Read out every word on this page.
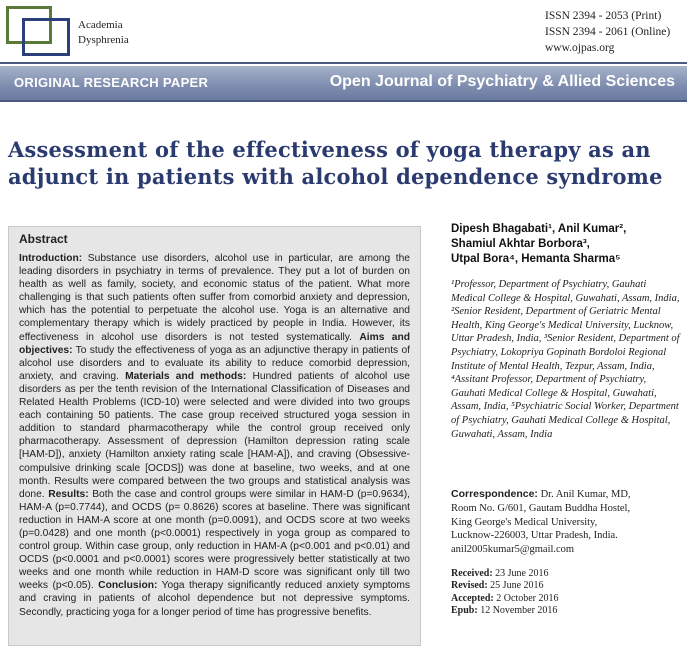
Academia
Dysphrenia
ISSN 2394 - 2053 (Print)
ISSN 2394 - 2061 (Online)
www.ojpas.org
ORIGINAL RESEARCH PAPER	Open Journal of Psychiatry & Allied Sciences
Assessment of the effectiveness of yoga therapy as an adjunct in patients with alcohol dependence syndrome
Abstract

Introduction: Substance use disorders, alcohol use in particular, are among the leading disorders in psychiatry in terms of prevalence. They put a lot of burden on health as well as family, society, and economic status of the patient. What more challenging is that such patients often suffer from comorbid anxiety and depression, which has the potential to perpetuate the alcohol use. Yoga is an alternative and complementary therapy which is widely practiced by people in India. However, its effectiveness in alcohol use disorders is not tested systematically. Aims and objectives: To study the effectiveness of yoga as an adjunctive therapy in patients of alcohol use disorders and to evaluate its ability to reduce comorbid depression, anxiety, and craving. Materials and methods: Hundred patients of alcohol use disorders as per the tenth revision of the International Classification of Diseases and Related Health Problems (ICD-10) were selected and were divided into two groups each containing 50 patients. The case group received structured yoga session in addition to standard pharmacotherapy while the control group received only pharmacotherapy. Assessment of depression (Hamilton depression rating scale [HAM-D]), anxiety (Hamilton anxiety rating scale [HAM-A]), and craving (Obsessive-compulsive drinking scale [OCDS]) was done at baseline, two weeks, and at one month. Results were compared between the two groups and statistical analysis was done. Results: Both the case and control groups were similar in HAM-D (p=0.9634), HAM-A (p=0.7744), and OCDS (p= 0.8626) scores at baseline. There was significant reduction in HAM-A score at one month (p=0.0091), and OCDS score at two weeks (p=0.0428) and one month (p<0.0001) respectively in yoga group as compared to control group. Within case group, only reduction in HAM-A (p<0.001 and p<0.01) and OCDS (p<0.0001 and p<0.0001) scores were progressively better statistically at two weeks and one month while reduction in HAM-D score was significant only till two weeks (p<0.05). Conclusion: Yoga therapy significantly reduced anxiety symptoms and craving in patients of alcohol dependence but not depressive symptoms. Secondly, practicing yoga for a longer period of time has progressive benefits.

Dipesh Bhagabati¹, Anil Kumar²,
Shamiul Akhtar Borbora³,
Utpal Bora⁴, Hemanta Sharma⁵
¹Professor, Department of Psychiatry, Gauhati Medical College & Hospital, Guwahati, Assam, India, ²Senior Resident, Department of Geriatric Mental Health, King George's Medical University, Lucknow, Uttar Pradesh, India, ³Senior Resident, Department of Psychiatry, Lokopriya Gopinath Bordoloi Regional Institute of Mental Health, Tezpur, Assam, India, ⁴Assitant Professor, Department of Psychiatry, Gauhati Medical College & Hospital, Guwahati, Assam, India, ⁵Psychiatric Social Worker, Department of Psychiatry, Gauhati Medical College & Hospital, Guwahati, Assam, India
Correspondence: Dr. Anil Kumar, MD,
Room No. G/601, Gautam Buddha Hostel,
King George's Medical University,
Lucknow-226003, Uttar Pradesh, India.
anil2005kumar5@gmail.com
Received: 23 June 2016
Revised: 25 June 2016
Accepted: 2 October 2016
Epub: 12 November 2016
